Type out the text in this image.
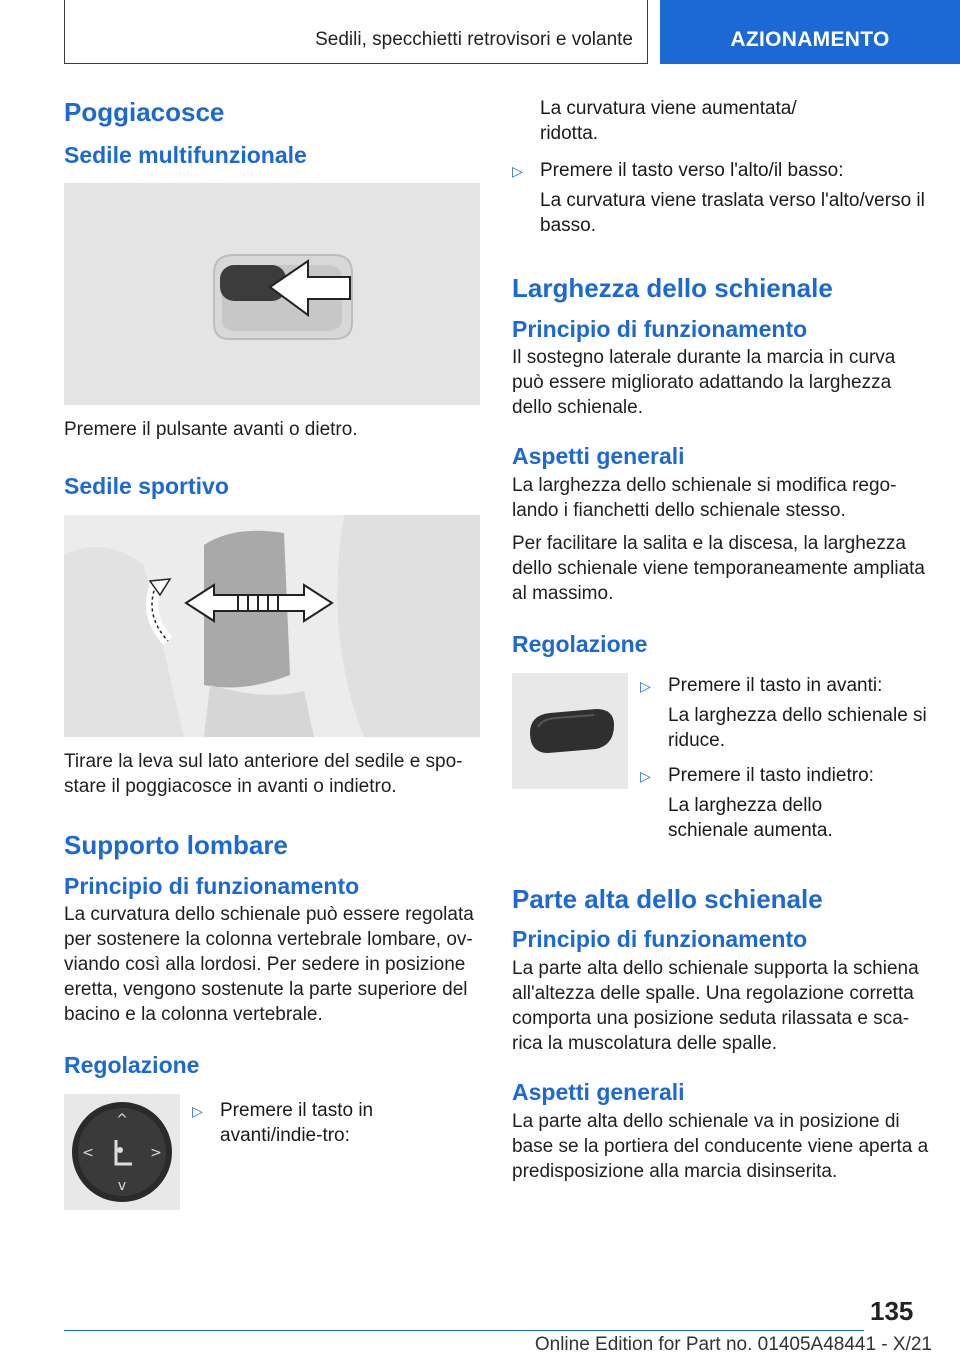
Sedili, specchietti retrovisori e volante	AZIONAMENTO
Poggiacosce
Sedile multifunzionale

Premere il pulsante avanti o dietro.

Sedile sportivo

Tirare la leva sul lato anteriore del sedile e spo-stare il poggiacosce in avanti o indietro.

Supporto lombare
Principio di funzionamento

La curvatura dello schienale può essere regolata per sostenere la colonna vertebrale lombare, ov-viando così alla lordosi. Per sedere in posizione eretta, vengono sostenute la parte superiore del bacino e la colonna vertebrale.

Regolazione
^
v
<	>
▷ Premere il tasto in avanti/indie-tro:
La curvatura viene aumentata/ ridotta.
▷ Premere il tasto verso l'alto/il basso:
La curvatura viene traslata verso l'alto/verso il basso.
Larghezza dello schienale
Principio di funzionamento

Il sostegno laterale durante la marcia in curva può essere migliorato adattando la larghezza dello schienale.

Aspetti generali

La larghezza dello schienale si modifica rego-lando i fianchetti dello schienale stesso.

Per facilitare la salita e la discesa, la larghezza dello schienale viene temporaneamente ampliata al massimo.

Regolazione
▷ Premere il tasto in avanti:
La larghezza dello schienale si riduce.
▷ Premere il tasto indietro:
La larghezza dello schienale aumenta.
Parte alta dello schienale
Principio di funzionamento

La parte alta dello schienale supporta la schiena all'altezza delle spalle. Una regolazione corretta comporta una posizione seduta rilassata e sca-rica la muscolatura delle spalle.

Aspetti generali

La parte alta dello schienale va in posizione di base se la portiera del conducente viene aperta a predisposizione alla marcia disinserita.

135
Online Edition for Part no. 01405A48441 - X/21
